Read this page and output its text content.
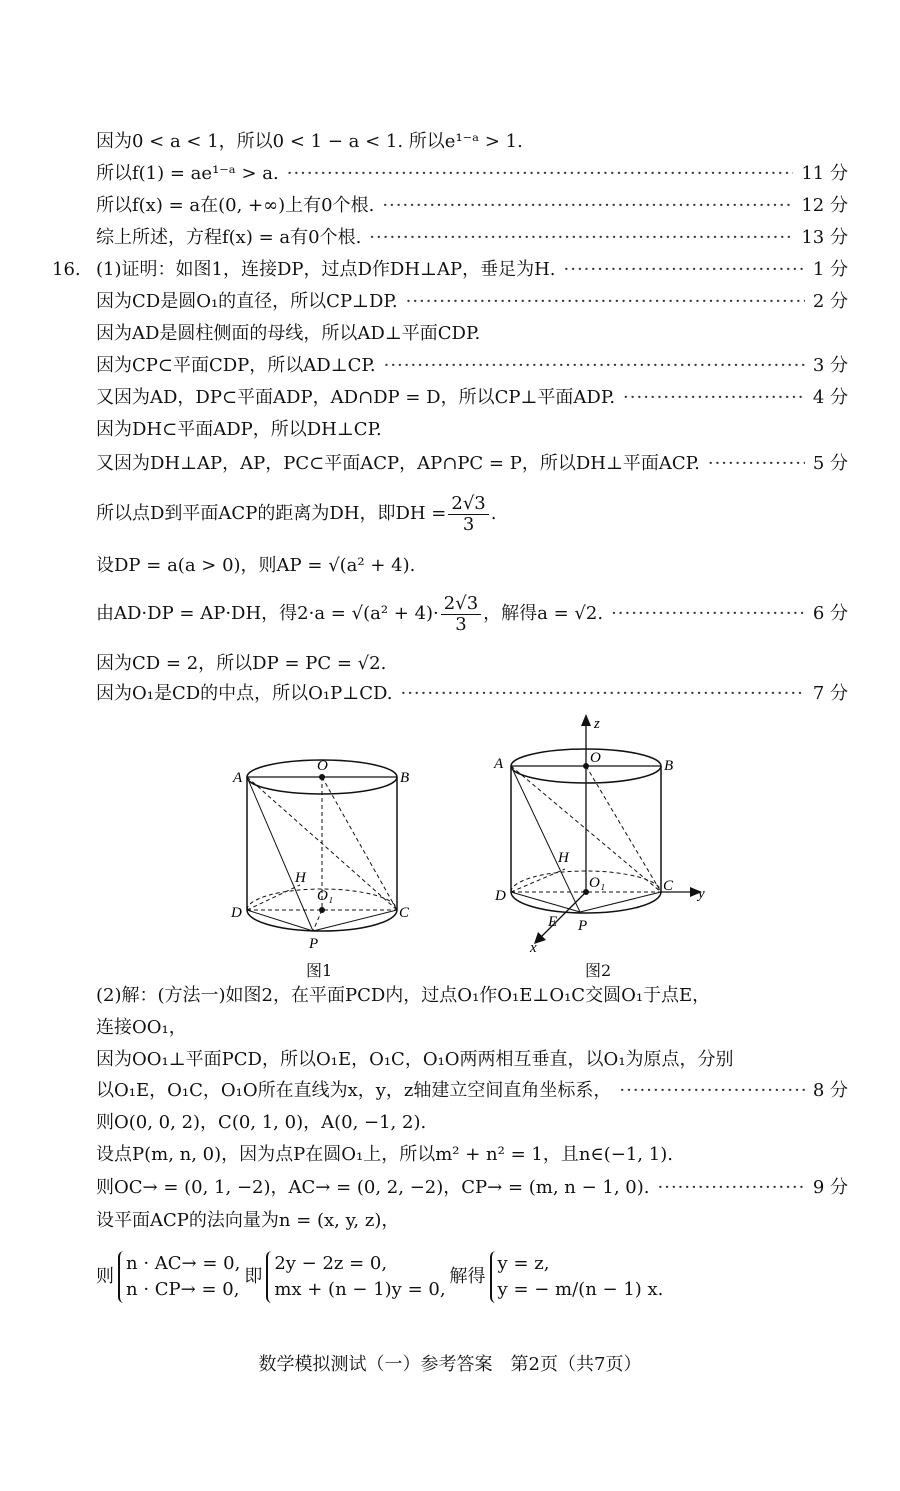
因为0 < a < 1，所以0 < 1 − a < 1. 所以e¹⁻ᵃ > 1.
所以f(1) = ae¹⁻ᵃ > a. ·····	11 分
所以f(x) = a在(0, +∞)上有0个根. ·····	12 分
综上所述，方程f(x) = a有0个根. ·····	13 分
16. (1)证明：如图1，连接DP，过点D作DH⊥AP，垂足为H. ·····	1 分
因为CD是圆O₁的直径，所以CP⊥DP. ·····	2 分
因为AD是圆柱侧面的母线，所以AD⊥平面CDP.
因为CP⊂平面CDP，所以AD⊥CP. ·····	3 分
又因为AD，DP⊂平面ADP，AD∩DP = D，所以CP⊥平面ADP. ·····	4 分
因为DH⊂平面ADP，所以DH⊥CP.
又因为DH⊥AP，AP，PC⊂平面ACP，AP∩PC = P，所以DH⊥平面ACP. ·····	5 分
所以点D到平面ACP的距离为DH，即DH = $\frac{2√3}{3}$ .
设DP = a(a > 0)，则AP = √(a² + 4).
由AD·DP = AP·DH，得$2\cdot a = √(a^2 + 4)\cdot \frac{2√3}{3}$ ，解得a = √2. ·····	6 分
因为CD = 2，所以DP = PC = √2.
因为O₁是CD的中点，所以O₁P⊥CD. ·····	7 分
A	B
O
H
O₁
D	C
P
图1
z
A	B
O
H
O₁
D
C y
E P
x
图2
(2)解：(方法一)如图2，在平面PCD内，过点O₁作O₁E⊥O₁C交圆O₁于点E，
连接OO₁，
因为OO₁⊥平面PCD，所以O₁E，O₁C，O₁O两两相互垂直，以O₁为原点，分别
以O₁E，O₁C，O₁O所在直线为x，y，z轴建立空间直角坐标系， ·····	8 分
则O(0, 0, 2)，C(0, 1, 0)，A(0, −1, 2).
设点P(m, n, 0)，因为点P在圆O₁上，所以m² + n² = 1，且n∈(−1, 1).
则OC→ = (0, 1, −2)，AC→ = (0, 2, −2)，CP→ = (m, n − 1, 0). ·····	9 分
设平面ACP的法向量为n = (x, y, z)，
则
n · AC→ = 0,
n · CP→ = 0,
即
2y − 2z = 0,
mx + (n − 1)y = 0,
解得
y = z,
y = − m/(n − 1) x.
数学模拟测试（一）参考答案　第2页（共7页）
